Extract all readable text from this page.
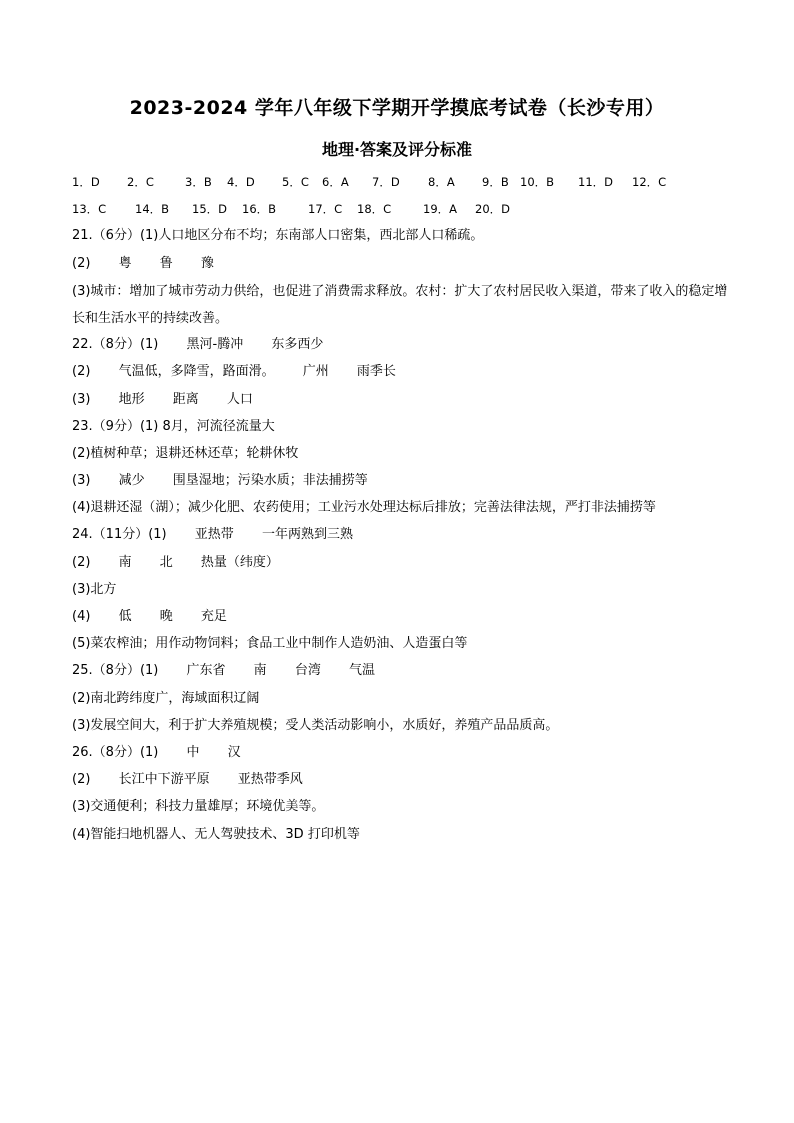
2023-2024 学年八年级下学期开学摸底考试卷（长沙专用）
地理·答案及评分标准
1．D 2．C	3．B 4．D 5．C 6．A 7．D 8．A 9．B 10．B 11．D 12．C
13．C	14．B 15．D 16．B	17．C 18．C	19．A 20．D
21.（6分）(1)人口地区分布不均；东南部人口密集，西北部人口稀疏。
(2) 粤 鲁 豫
(3)城市：增加了城市劳动力供给，也促进了消费需求释放。农村：扩大了农村居民收入渠道，带来了收入的稳定增长和生活水平的持续改善。
22.（8分）(1) 黑河-腾冲 东多西少
(2) 气温低，多降雪，路面滑。 广州 雨季长
(3) 地形 距离 人口
23.（9分）(1) 8月，河流径流量大
(2)植树种草；退耕还林还草；轮耕休牧
(3) 减少 围垦湿地；污染水质；非法捕捞等
(4)退耕还湿（湖）；减少化肥、农药使用；工业污水处理达标后排放；完善法律法规，严打非法捕捞等
24.（11分）(1) 亚热带 一年两熟到三熟
(2) 南 北 热量（纬度）
(3)北方
(4) 低 晚 充足
(5)菜农榨油；用作动物饲料；食品工业中制作人造奶油、人造蛋白等
25.（8分）(1) 广东省 南 台湾 气温
(2)南北跨纬度广，海域面积辽阔
(3)发展空间大，利于扩大养殖规模；受人类活动影响小，水质好，养殖产品品质高。
26.（8分）(1) 中 汉
(2) 长江中下游平原 亚热带季风
(3)交通便利；科技力量雄厚；环境优美等。
(4)智能扫地机器人、无人驾驶技术、3D 打印机等
